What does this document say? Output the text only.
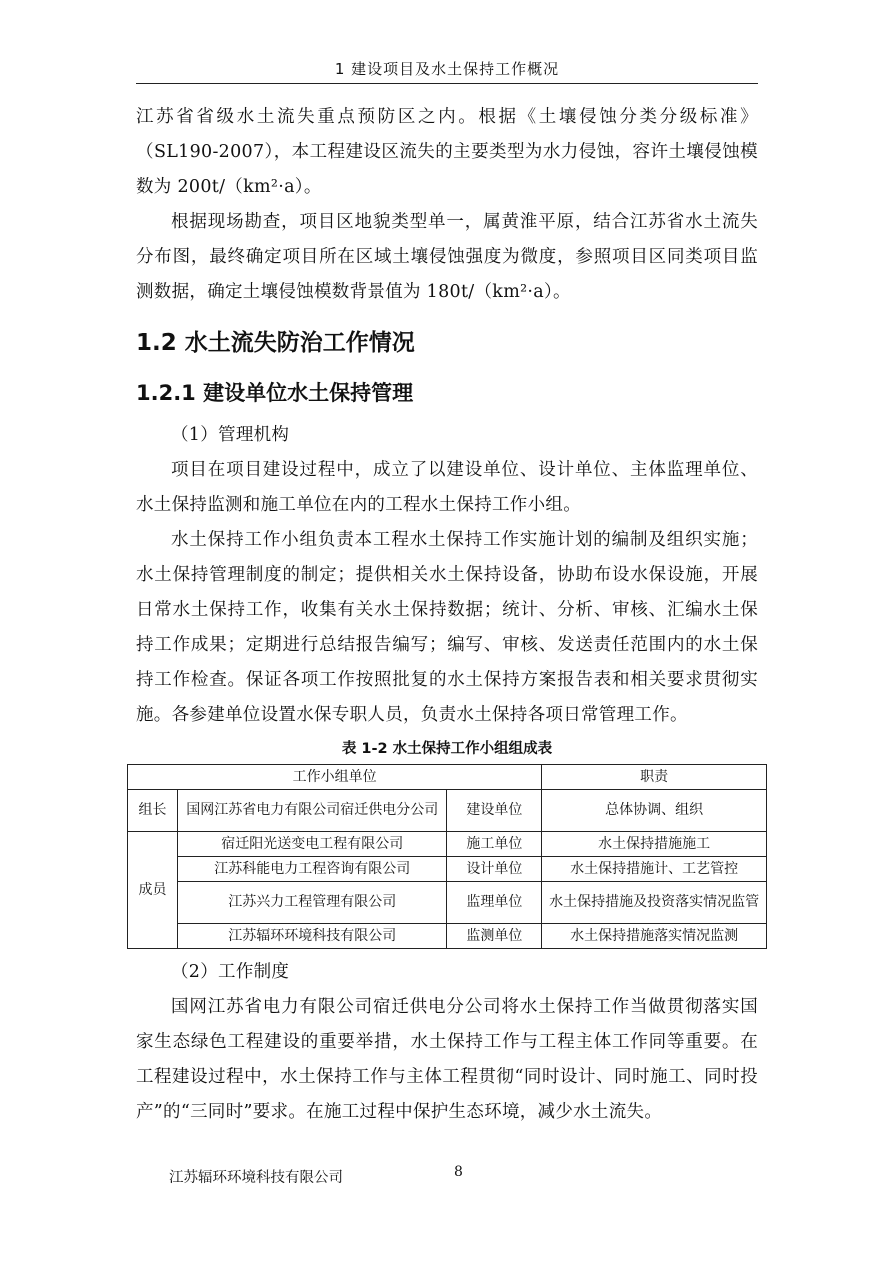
1 建设项目及水土保持工作概况

江苏省省级水土流失重点预防区之内。根据《土壤侵蚀分类分级标准》（SL190-2007），本工程建设区流失的主要类型为水力侵蚀，容许土壤侵蚀模数为 200t/（km²·a）。

根据现场勘查，项目区地貌类型单一，属黄淮平原，结合江苏省水土流失分布图，最终确定项目所在区域土壤侵蚀强度为微度，参照项目区同类项目监测数据，确定土壤侵蚀模数背景值为 180t/（km²·a）。

1.2 水土流失防治工作情况
1.2.1 建设单位水土保持管理

（1）管理机构

项目在项目建设过程中，成立了以建设单位、设计单位、主体监理单位、水土保持监测和施工单位在内的工程水土保持工作小组。

水土保持工作小组负责本工程水土保持工作实施计划的编制及组织实施；水土保持管理制度的制定；提供相关水土保持设备，协助布设水保设施，开展日常水土保持工作，收集有关水土保持数据；统计、分析、审核、汇编水土保持工作成果；定期进行总结报告编写；编写、审核、发送责任范围内的水土保持工作检查。保证各项工作按照批复的水土保持方案报告表和相关要求贯彻实施。各参建单位设置水保专职人员，负责水土保持各项日常管理工作。

表 1-2 水土保持工作小组组成表
工作小组单位			职责
组长	国网江苏省电力有限公司宿迁供电分公司	建设单位	总体协调、组织
成员	宿迁阳光送变电工程有限公司	施工单位	水土保持措施施工
	江苏科能电力工程咨询有限公司	设计单位	水土保持措施计、工艺管控
	江苏兴力工程管理有限公司	监理单位	水土保持措施及投资落实情况监管
	江苏辐环环境科技有限公司	监测单位	水土保持措施落实情况监测

（2）工作制度

国网江苏省电力有限公司宿迁供电分公司将水土保持工作当做贯彻落实国家生态绿色工程建设的重要举措，水土保持工作与工程主体工作同等重要。在工程建设过程中，水土保持工作与主体工程贯彻“同时设计、同时施工、同时投产”的“三同时”要求。在施工过程中保护生态环境，减少水土流失。

江苏辐环环境科技有限公司	8
